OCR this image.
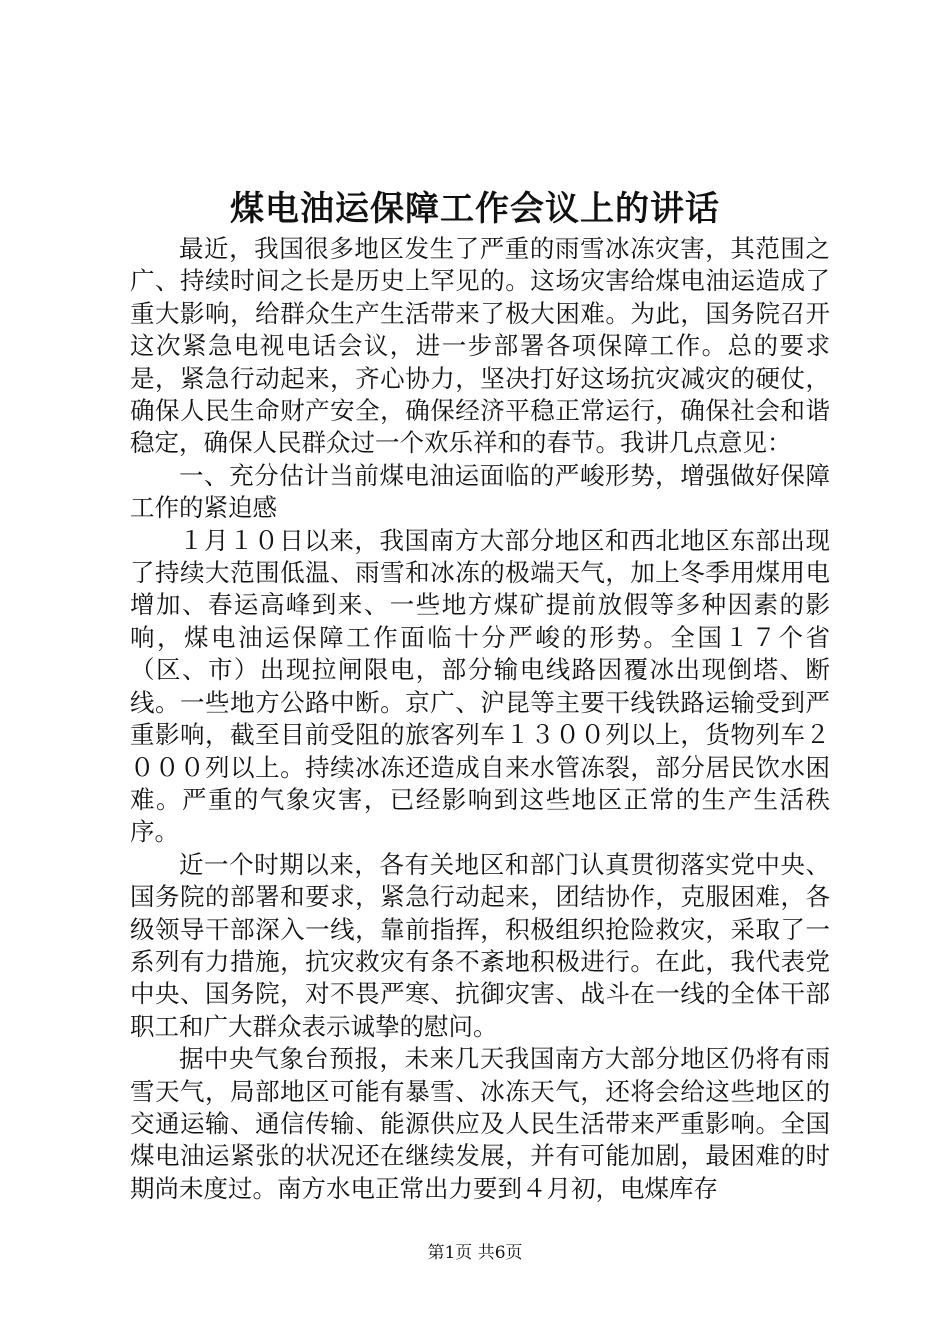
煤电油运保障工作会议上的讲话

最近，我国很多地区发生了严重的雨雪冰冻灾害，其范围之广、持续时间之长是历史上罕见的。这场灾害给煤电油运造成了重大影响，给群众生产生活带来了极大困难。为此，国务院召开这次紧急电视电话会议，进一步部署各项保障工作。总的要求是，紧急行动起来，齐心协力，坚决打好这场抗灾减灾的硬仗，确保人民生命财产安全，确保经济平稳正常运行，确保社会和谐稳定，确保人民群众过一个欢乐祥和的春节。我讲几点意见：

一、充分估计当前煤电油运面临的严峻形势，增强做好保障工作的紧迫感

１月１０日以来，我国南方大部分地区和西北地区东部出现了持续大范围低温、雨雪和冰冻的极端天气，加上冬季用煤用电增加、春运高峰到来、一些地方煤矿提前放假等多种因素的影响，煤电油运保障工作面临十分严峻的形势。全国１７个省（区、市）出现拉闸限电，部分输电线路因覆冰出现倒塔、断线。一些地方公路中断。京广、沪昆等主要干线铁路运输受到严重影响，截至目前受阻的旅客列车１３００列以上，货物列车２０００列以上。持续冰冻还造成自来水管冻裂，部分居民饮水困难。严重的气象灾害，已经影响到这些地区正常的生产生活秩序。

近一个时期以来，各有关地区和部门认真贯彻落实党中央、国务院的部署和要求，紧急行动起来，团结协作，克服困难，各级领导干部深入一线，靠前指挥，积极组织抢险救灾，采取了一系列有力措施，抗灾救灾有条不紊地积极进行。在此，我代表党中央、国务院，对不畏严寒、抗御灾害、战斗在一线的全体干部职工和广大群众表示诚挚的慰问。

据中央气象台预报，未来几天我国南方大部分地区仍将有雨雪天气，局部地区可能有暴雪、冰冻天气，还将会给这些地区的交通运输、通信传输、能源供应及人民生活带来严重影响。全国煤电油运紧张的状况还在继续发展，并有可能加剧，最困难的时期尚未度过。南方水电正常出力要到４月初，电煤库存

第1页 共6页
